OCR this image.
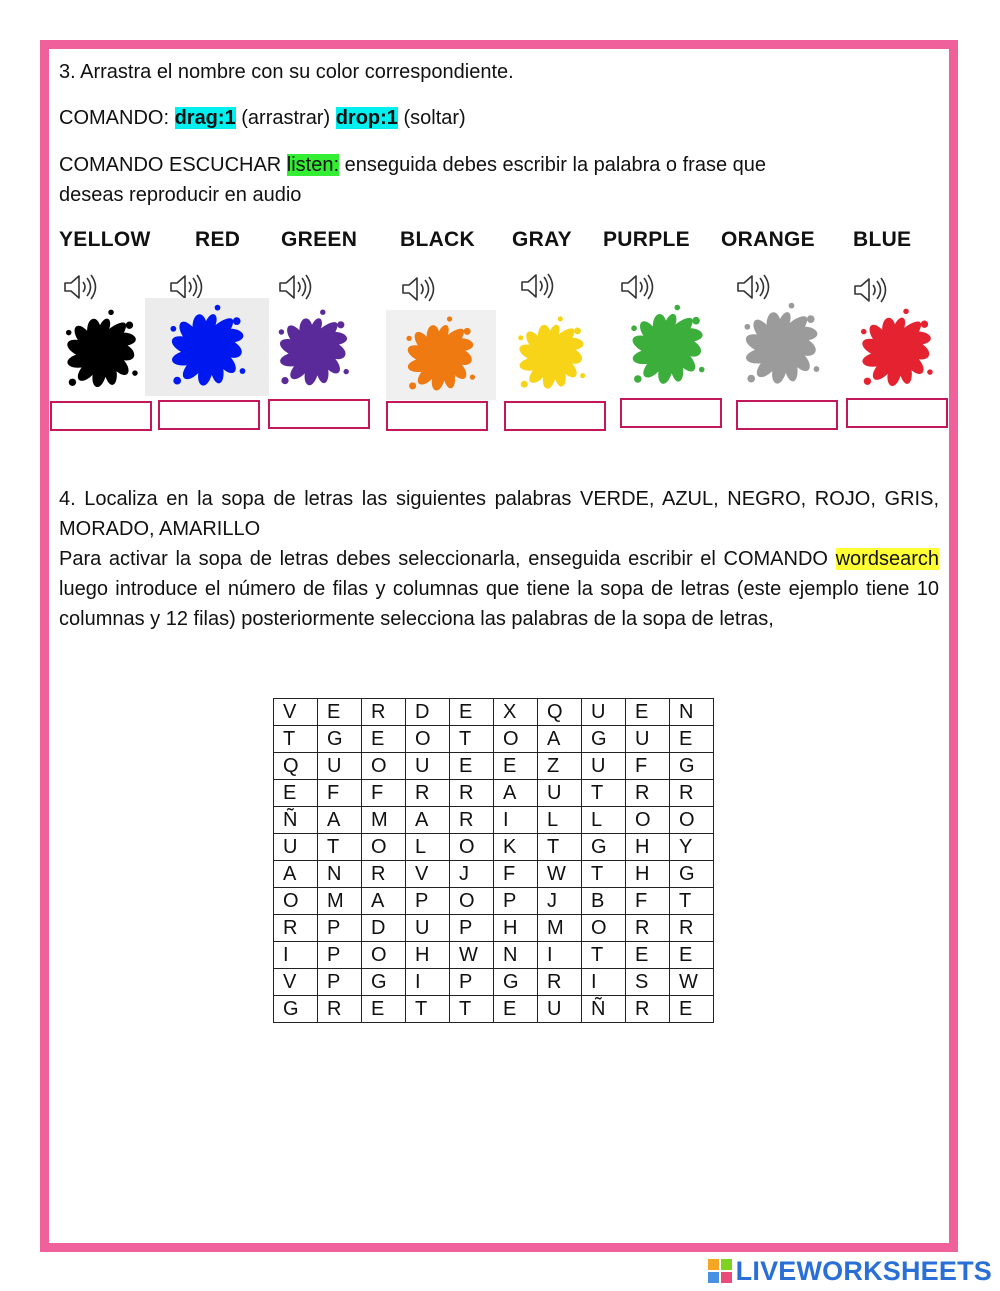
3. Arrastra el nombre con su color correspondiente.
COMANDO: drag:1 (arrastrar) drop:1 (soltar)
COMANDO ESCUCHAR listen: enseguida debes escribir la palabra o frase que
deseas reproducir en audio
YELLOW RED GREEN BLACK GRAY PURPLE ORANGE BLUE
4. Localiza en la sopa de letras las siguientes palabras VERDE, AZUL, NEGRO, ROJO, GRIS, MORADO, AMARILLO
Para activar la sopa de letras debes seleccionarla, enseguida escribir el COMANDO wordsearch luego introduce el número de filas y columnas que tiene la sopa de letras (este ejemplo tiene 10 columnas y 12 filas) posteriormente selecciona las palabras de la sopa de letras,
V	E	R	D	E	X	Q	U	E	N
T	G	E	O	T	O	A	G	U	E
Q	U	O	U	E	E	Z	U	F	G
E	F	F	R	R	A	U	T	R	R
Ñ	A	M	A	R	I	L	L	O	O
U	T	O	L	O	K	T	G	H	Y
A	N	R	V	J	F	W	T	H	G
O	M	A	P	O	P	J	B	F	T
R	P	D	U	P	H	M	O	R	R
I	P	O	H	W	N	I	T	E	E
V	P	G	I	P	G	R	I	S	W
G	R	E	T	T	E	U	Ñ	R	E
LIVEWORKSHEETS
